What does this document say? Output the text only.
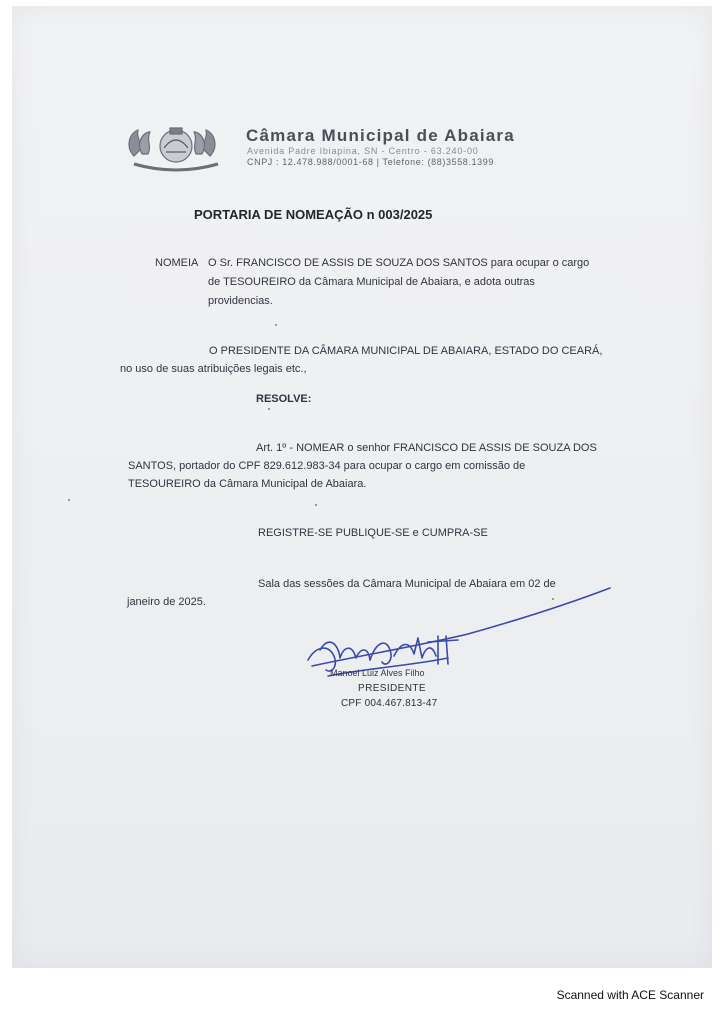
Câmara Municipal de Abaiara
Avenida Padre Ibiapina, SN - Centro - 63.240-00
CNPJ : 12.478.988/0001-68 | Telefone: (88)3558.1399
PORTARIA DE NOMEAÇÃO n 003/2025
NOMEIA O Sr. FRANCISCO DE ASSIS DE SOUZA DOS SANTOS para ocupar o cargo
de TESOUREIRO da Câmara Municipal de Abaiara, e adota outras
providencias.
O PRESIDENTE DA CÂMARA MUNICIPAL DE ABAIARA, ESTADO DO CEARÁ,
no uso de suas atribuições legais etc.,
RESOLVE:
Art. 1º - NOMEAR o senhor FRANCISCO DE ASSIS DE SOUZA DOS
SANTOS, portador do CPF 829.612.983-34 para ocupar o cargo em comissão de
TESOUREIRO da Câmara Municipal de Abaiara.
REGISTRE-SE PUBLIQUE-SE e CUMPRA-SE
Sala das sessões da Câmara Municipal de Abaiara em 02 de
janeiro de 2025.
Manoel Luiz Alves Filho
PRESIDENTE
CPF 004.467.813-47
Scanned with ACE Scanner
